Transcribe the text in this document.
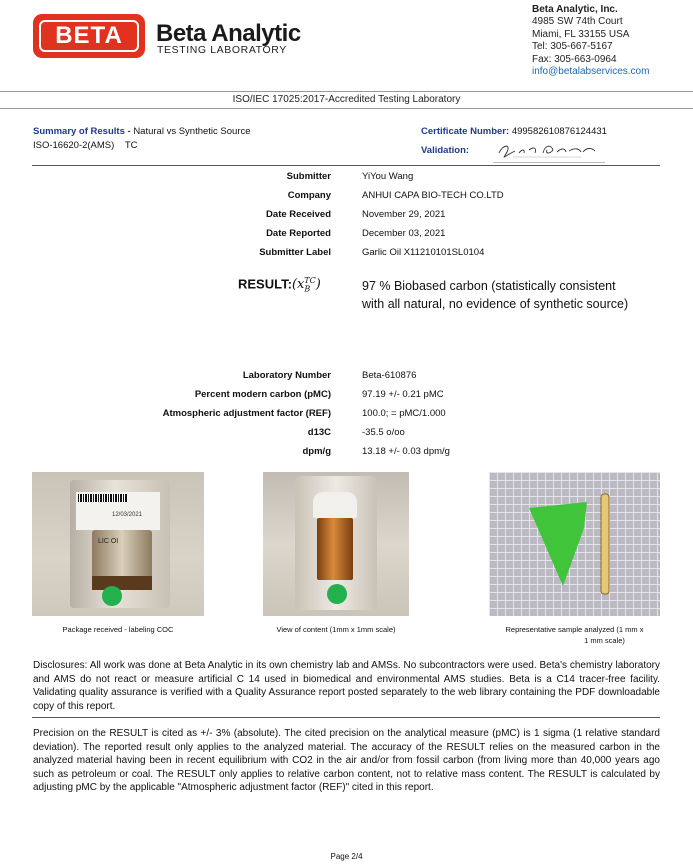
BETA	Beta Analytic
TESTING LABORATORY
Beta Analytic, Inc.
4985 SW 74th Court
Miami, FL 33155 USA
Tel: 305-667-5167
Fax: 305-663-0964
info@betalabservices.com
ISO/IEC 17025:2017-Accredited Testing Laboratory
Summary of Results - Natural vs Synthetic Source
ISO-16620-2(AMS) TC
Certificate Number: 499582610876124431
Validation:
Submitter	YiYou Wang
Company	ANHUI CAPA BIO-TECH CO.LTD
Date Received	November 29, 2021
Date Reported	December 03, 2021
Submitter Label	Garlic Oil X11210101SL0104
$RESULT:(x_B^{TC})$	97 % Biobased carbon (statistically consistent
with all natural, no evidence of synthetic source)
Laboratory Number	Beta-610876
Percent modern carbon (pMC)	97.19 +/- 0.21 pMC
Atmospheric adjustment factor (REF)	100.0; = pMC/1.000
d13C	-35.5 o/oo
dpm/g	13.18 +/- 0.03 dpm/g
12/03/2021
LIC OI
Package received - labeling COC	View of content (1mm x 1mm scale)	Representative sample analyzed (1 mm x
1 mm scale)
Disclosures: All work was done at Beta Analytic in its own chemistry lab and AMSs. No subcontractors were used. Beta's chemistry laboratory and AMS do not react or measure artificial C 14 used in biomedical and environmental AMS studies. Beta is a C14 tracer-free facility. Validating quality assurance is verified with a Quality Assurance report posted separately to the web library containing the PDF downloadable copy of this report.
Precision on the RESULT is cited as +/- 3% (absolute). The cited precision on the analytical measure (pMC) is 1 sigma (1 relative standard deviation). The reported result only applies to the analyzed material. The accuracy of the RESULT relies on the measured carbon in the analyzed material having been in recent equilibrium with CO2 in the air and/or from fossil carbon (from living more than 40,000 years ago such as petroleum or coal. The RESULT only applies to relative carbon content, not to relative mass content. The RESULT is calculated by adjusting pMC by the applicable "Atmospheric adjustment factor (REF)" cited in this report.
Page 2/4
